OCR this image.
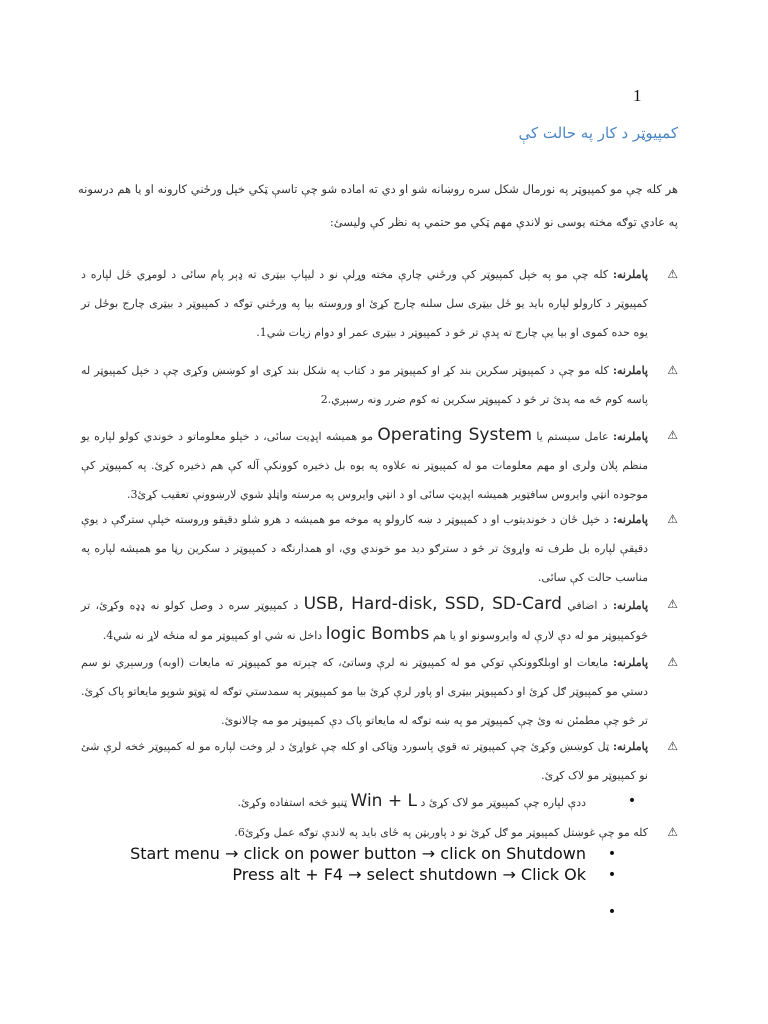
1
کمپیوټر د کار په حالت کې
هر کله چې مو کمپیوټر په نورمال شکل سره روښانه شو او دي ته اماده شو چې تاسې ټکي خپل ورځني کارونه او یا هم درسونه په عادي توګه مخته یوسی نو لاندې مهم ټکي مو حتمي په نظر کې ولیسئ:
⚠
پاملرنه: کله چې مو په خپل کمپیوټر کې ورځني چارې مخته وړلې نو د لیپاپ بیټری ته ډېر پام سائی د لومړي ځل لپاره د کمپیوټر د کارولو لپاره باید یو ځل بیټری سل سلنه چارج کړئ او وروسته بیا په ورځني توګه د کمپیوټر د بیټری چارج بوځل تر یوه حده کموی او بیا یې چارج ته پدې تر څو د کمپیوټر د بیټری عمر او دوام زیات شي1.
⚠
پاملرنه: کله مو چې د کمپیوټر سکرین بند کړ او کمپیوټر مو د کتاب په شکل بند کړی او کوښښ وکړی چې د خپل کمپیوټر له پاسه کوم څه مه پدئ تر څو د کمپیوټر سکرین ته کوم ضرر ونه رسېږي.2
⚠
پاملرنه: عامل سیستم یا Operating System مو همیشه اپډیت سائی، د خپلو معلوماتو د خوندي کولو لپاره یو منظم پلان ولری او مهم معلومات مو له کمپیوټر نه علاوه په یوه بل ذخیره کوونکې آله کې هم ذخیره کړئ. په کمپیوټر کې موجوده انټي وایروس سافټویر همیشه اپډیټ سائی او د انټي وایروس په مرسته واټلډ شوي لارښوونې تعقیب کړئ3.
⚠
پاملرنه: د خپل ځان د خوندیتوب او د کمپیوټر د ښه کارولو په موخه مو همیشه د هرو شلو دقیقو وروسته خپلې سترګې د یوې دقیقې لپاره بل طرف ته واړوئ تر څو د سترګو دید مو خوندي وي، او همدارنګه د کمپیوټر د سکرین رڼا مو همیشه لپاره په مناسب حالت کې سائی.
⚠
پاملرنه: د اضافي USB, Hard-disk, SSD, SD-Card د کمپیوټر سره د وصل کولو نه ډډه وکړئ، تر څوکمپیوټر مو له دې لارې له وایروسونو او یا هم logic Bombs داخل نه شي او کمپیوټر مو له منځه لاړ نه شي4.
⚠
پاملرنه: مایعات او اوبلګوونکې توکي مو له کمپیوټر نه لرې وساتئ، که چېرته مو کمپیوټر ته مایعات (اوبه) ورسېږي نو سم دستي مو کمپیوټر ګل کړئ او دکمپیوټر بیټری او پاور لرې کړئ بیا مو کمپیوټر په سمدستي توګه له ټوټو شوپو مایعاتو پاک کړئ. تر څو چې مطمئن نه وئ چې کمپیوټر مو په ښه توګه له مایعاتو پاک دې کمپیوټر مو مه چالانوئ.
⚠
پاملرنه: ټل کوښښ وکړئ چې کمپیوټر ته قوي پاسورد وټاکی او کله چې غواړئ د لږ وخت لپاره مو له کمپیوټر څخه لرې شئ نو کمپیوټر مو لاک کړئ.
•
ددې لپاره چې کمپیوټر مو لاک کړئ د Win + L ټنیو څخه استفاده وکړئ.
⚠
کله مو چې غوښتل کمپیوټر مو ګل کړئ نو د پاوربټن په ځای باید په لاندې توګه عمل وکړئ6.
Start menu → click on power button → click on Shutdown	•
Press alt + F4 → select shutdown → Click Ok	•
•
